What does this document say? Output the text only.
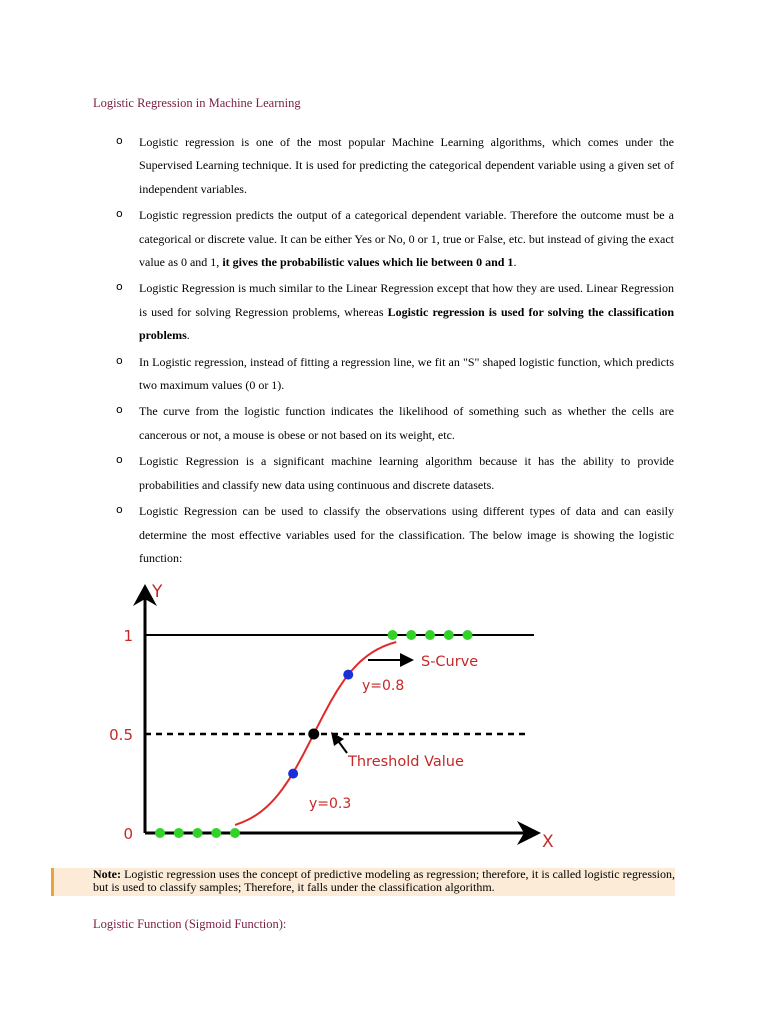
Logistic Regression in Machine Learning
o Logistic regression is one of the most popular Machine Learning algorithms, which comes under the Supervised Learning technique. It is used for predicting the categorical dependent variable using a given set of independent variables.
o Logistic regression predicts the output of a categorical dependent variable. Therefore the outcome must be a categorical or discrete value. It can be either Yes or No, 0 or 1, true or False, etc. but instead of giving the exact value as 0 and 1, it gives the probabilistic values which lie between 0 and 1.
o Logistic Regression is much similar to the Linear Regression except that how they are used. Linear Regression is used for solving Regression problems, whereas Logistic regression is used for solving the classification problems.
o In Logistic regression, instead of fitting a regression line, we fit an "S" shaped logistic function, which predicts two maximum values (0 or 1).
o The curve from the logistic function indicates the likelihood of something such as whether the cells are cancerous or not, a mouse is obese or not based on its weight, etc.
o Logistic Regression is a significant machine learning algorithm because it has the ability to provide probabilities and classify new data using continuous and discrete datasets.
o Logistic Regression can be used to classify the observations using different types of data and can easily determine the most effective variables used for the classification. The below image is showing the logistic function:
Y
X
0
0.5
1
S-Curve
y=0.8
Threshold Value
y=0.3

Note: Logistic regression uses the concept of predictive modeling as regression; therefore, it is called logistic regression, but is used to classify samples; Therefore, it falls under the classification algorithm.

Logistic Function (Sigmoid Function):
